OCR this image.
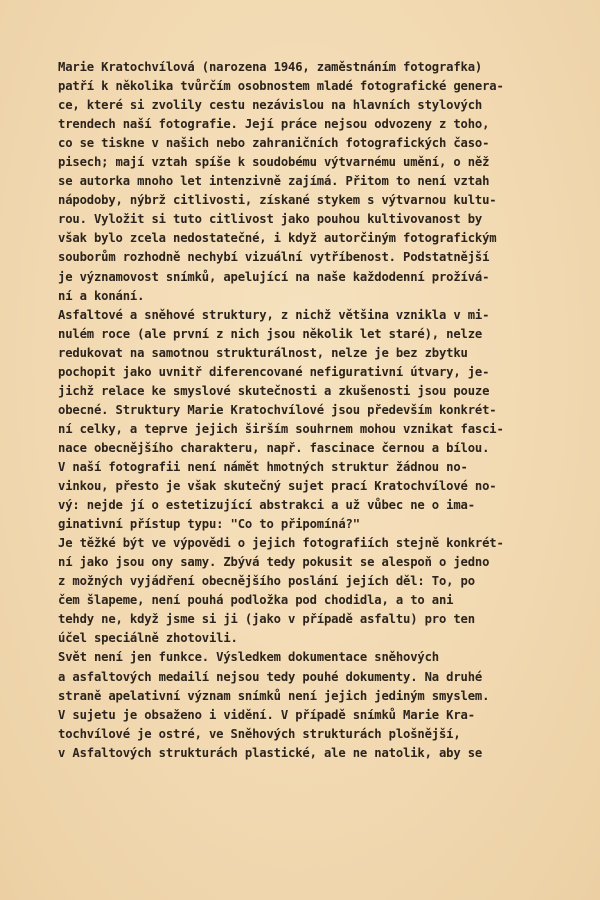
Marie Kratochvílová (narozena 1946, zaměstnáním fotografka)
patří k několika tvůrčím osobnostem mladé fotografické genera-
ce, které si zvolily cestu nezávislou na hlavních stylových
trendech naší fotografie. Její práce nejsou odvozeny z toho,
co se tiskne v našich nebo zahraničních fotografických časo-
pisech; mají vztah spíše k soudobému výtvarnému umění, o něž
se autorka mnoho let intenzivně zajímá. Přitom to není vztah
nápodoby, nýbrž citlivosti, získané stykem s výtvarnou kultu-
rou. Vyložit si tuto citlivost jako pouhou kultivovanost by
však bylo zcela nedostatečné, i když autorčiným fotografickým
souborům rozhodně nechybí vizuální vytříbenost. Podstatnější
je významovost snímků, apelující na naše každodenní prožívá-
ní a konání.
Asfaltové a sněhové struktury, z nichž většina vznikla v mi-
nulém roce (ale první z nich jsou několik let staré), nelze
redukovat na samotnou strukturálnost, nelze je bez zbytku
pochopit jako uvnitř diferencované nefigurativní útvary, je-
jichž relace ke smyslové skutečnosti a zkušenosti jsou pouze
obecné. Struktury Marie Kratochvílové jsou především konkrét-
ní celky, a teprve jejich širším souhrnem mohou vznikat fasci-
nace obecnějšího charakteru, např. fascinace černou a bílou.
V naší fotografii není námět hmotných struktur žádnou no-
vinkou, přesto je však skutečný sujet prací Kratochvílové no-
vý: nejde jí o estetizující abstrakci a už vůbec ne o ima-
ginativní přístup typu: "Co to připomíná?"
Je těžké být ve výpovědi o jejich fotografiích stejně konkrét-
ní jako jsou ony samy. Zbývá tedy pokusit se alespoň o jedno
z možných vyjádření obecnějšího poslání jejích děl: To, po
čem šlapeme, není pouhá podložka pod chodidla, a to ani
tehdy ne, když jsme si ji (jako v případě asfaltu) pro ten
účel speciálně zhotovili.
Svět není jen funkce. Výsledkem dokumentace sněhových
a asfaltových medailí nejsou tedy pouhé dokumenty. Na druhé
straně apelativní význam snímků není jejich jediným smyslem.
V sujetu je obsaženo i vidění. V případě snímků Marie Kra-
tochvílové je ostré, ve Sněhových strukturách plošnější,
v Asfaltových strukturách plastické, ale ne natolik, aby se
